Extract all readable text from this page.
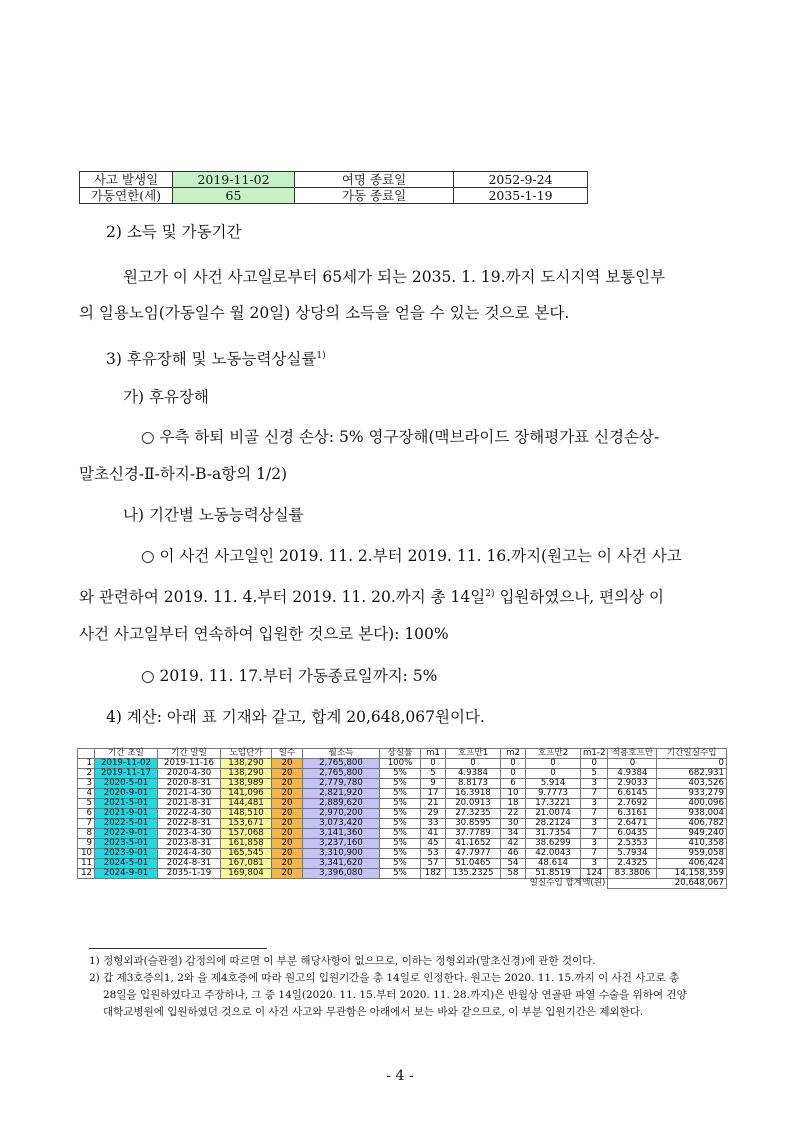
사고 발생일	2019-11-02	여명 종료일	2052-9-24
가동연한(세)	65	가동 종료일	2035-1-19
2) 소득 및 가동기간
원고가 이 사건 사고일로부터 65세가 되는 2035. 1. 19.까지 도시지역 보통인부
의 일용노임(가동일수 월 20일) 상당의 소득을 얻을 수 있는 것으로 본다.
3) 후유장해 및 노동능력상실률$^{1)}$
가) 후유장해
○ 우측 하퇴 비골 신경 손상: 5% 영구장해(맥브라이드 장해평가표 신경손상-
말초신경-Ⅱ-하지-B-a항의 1/2)
나) 기간별 노동능력상실률
○ 이 사건 사고일인 2019. 11. 2.부터 2019. 11. 16.까지(원고는 이 사건 사고
와 관련하여 2019. 11. 4.부터 2019. 11. 20.까지 총 14일$^{2)}$ 입원하였으나, 편의상 이
사건 사고일부터 연속하여 입원한 것으로 본다): 100%
○ 2019. 11. 17.부터 가동종료일까지: 5%
4) 계산: 아래 표 기재와 같고, 합계 20,648,067원이다.
	기간 초일	기간 말일	노임단가	일수	월소득	상실률	m1	호프만1	m2	호프만2	m1-2	적용호프만	기간일실수입
1	2019-11-02	2019-11-16	138,290	20	2,765,800	100%	0	0	0	0	0	0	0
2	2019-11-17	2020-4-30	138,290	20	2,765,800	5%	5	4.9384	0	0	5	4.9384	682,931
3	2020-5-01	2020-8-31	138,989	20	2,779,780	5%	9	8.8173	6	5.914	3	2.9033	403,526
4	2020-9-01	2021-4-30	141,096	20	2,821,920	5%	17	16.3918	10	9.7773	7	6.6145	933,279
5	2021-5-01	2021-8-31	144,481	20	2,889,620	5%	21	20.0913	18	17.3221	3	2.7692	400,096
6	2021-9-01	2022-4-30	148,510	20	2,970,200	5%	29	27.3235	22	21.0074	7	6.3161	938,004
7	2022-5-01	2022-8-31	153,671	20	3,073,420	5%	33	30.8595	30	28.2124	3	2.6471	406,782
8	2022-9-01	2023-4-30	157,068	20	3,141,360	5%	41	37.7789	34	31.7354	7	6.0435	949,240
9	2023-5-01	2023-8-31	161,858	20	3,237,160	5%	45	41.1652	42	38.6299	3	2.5353	410,358
10	2023-9-01	2024-4-30	165,545	20	3,310,900	5%	53	47.7977	46	42.0043	7	5.7934	959,058
11	2024-5-01	2024-8-31	167,081	20	3,341,620	5%	57	51.0465	54	48.614	3	2.4325	406,424
12	2024-9-01	2035-1-19	169,804	20	3,396,080	5%	182	135.2325	58	51.8519	124	83.3806	14,158,359
일실수입 합계액(원)												20,648,067	
1) 정형외과(슬관절) 감정의에 따르면 이 부분 해당사항이 없으므로, 이하는 정형외과(말초신경)에 관한 것이다.
2) 갑 제3호증의1, 2와 을 제4호증에 따라 원고의 입원기간을 총 14일로 인정한다. 원고는 2020. 11. 15.까지 이 사건 사고로 총
28일을 입원하였다고 주장하나, 그 중 14일(2020. 11. 15.부터 2020. 11. 28.까지)은 반월상 연골판 파열 수술을 위하여 건양
대학교병원에 입원하였던 것으로 이 사건 사고와 무관함은 아래에서 보는 바와 같으므로, 이 부분 입원기간은 제외한다.
- 4 -
